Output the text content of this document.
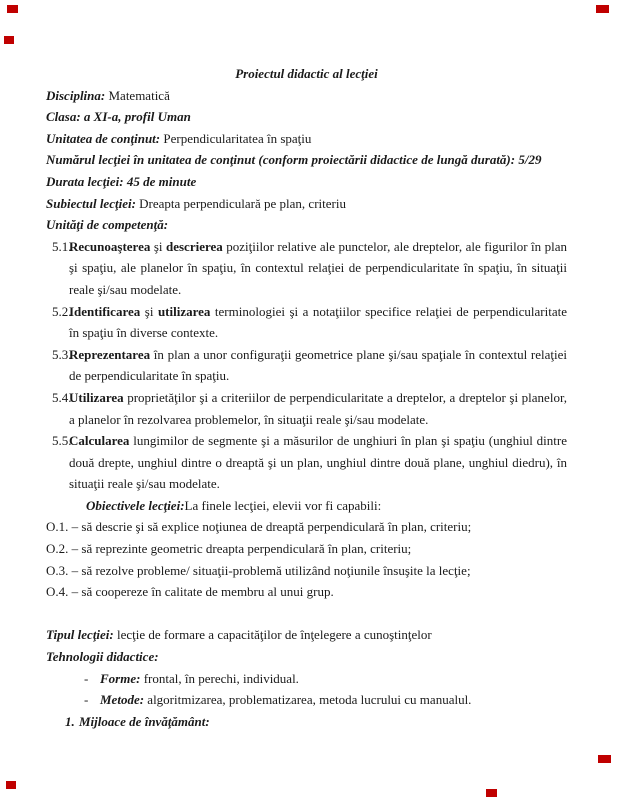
Proiectul didactic al lecţiei
Disciplina: Matematică
Clasa: a XI-a, profil Uman
Unitatea de conţinut: Perpendicularitatea în spaţiu
Numărul lecţiei în unitatea de conţinut (conform proiectării didactice de lungă durată): 5/29
Durata lecţiei: 45 de minute
Subiectul lecţiei: Dreapta perpendiculară pe plan, criteriu
Unităţi de competenţă:
5.1.
Recunoaşterea şi descrierea poziţiilor relative ale punctelor, ale dreptelor, ale figurilor în plan şi spaţiu, ale planelor în spaţiu, în contextul relaţiei de perpendicularitate în spaţiu, în situaţii reale şi/sau modelate.
5.2.
Identificarea şi utilizarea terminologiei şi a notaţiilor specifice relaţiei de perpendicularitate în spaţiu în diverse contexte.
5.3.
Reprezentarea în plan a unor configuraţii geometrice plane şi/sau spaţiale în contextul relaţiei de perpendicularitate în spaţiu.
5.4.
Utilizarea proprietăţilor şi a criteriilor de perpendicularitate a dreptelor, a dreptelor şi planelor, a planelor în rezolvarea problemelor, în situaţii reale şi/sau modelate.
5.5.
Calcularea lungimilor de segmente şi a măsurilor de unghiuri în plan şi spaţiu (unghiul dintre două drepte, unghiul dintre o dreaptă şi un plan, unghiul dintre două plane, unghiul diedru), în situaţii reale şi/sau modelate.
Obiectivele lecţiei:La finele lecţiei, elevii vor fi capabili:
O.1. – să descrie şi să explice noţiunea de dreaptă perpendiculară în plan, criteriu;
O.2. – să reprezinte geometric dreapta perpendiculară în plan, criteriu;
O.3. – să rezolve probleme/ situaţii-problemă utilizând noţiunile însuşite la lecţie;
O.4. – să coopereze în calitate de membru al unui grup.
Tipul lecţiei: lecţie de formare a capacităţilor de înţelegere a cunoştinţelor
Tehnologii didactice:
- Forme: frontal, în perechi, individual.
- Metode: algoritmizarea, problematizarea, metoda lucrului cu manualul.
1. Mijloace de învăţământ:
